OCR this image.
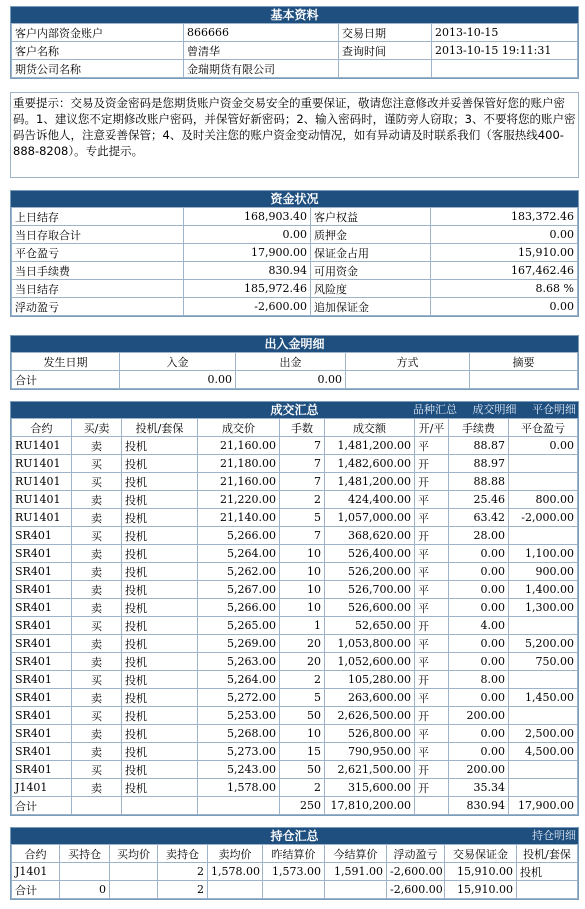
基本资料
客户内部资金账户	866666	交易日期	2013-10-15
客户名称	曾清华	查询时间	2013-10-15 19:11:31
期货公司名称	金瑞期货有限公司		
重要提示：交易及资金密码是您期货账户资金交易安全的重要保证，敬请您注意修改并妥善保管好您的账户密码。1、建议您不定期修改账户密码，并保管好新密码；2、输入密码时，谨防旁人窃取；3、不要将您的账户密码告诉他人，注意妥善保管；4、及时关注您的账户资金变动情况，如有异动请及时联系我们（客服热线400-888-8208）。专此提示。
资金状况
上日结存	168,903.40	客户权益	183,372.46
当日存取合计	0.00	质押金	0.00
平仓盈亏	17,900.00	保证金占用	15,910.00
当日手续费	830.94	可用资金	167,462.46
当日结存	185,972.46	风险度	8.68 %
浮动盈亏	-2,600.00	追加保证金	0.00
出入金明细
发生日期	入金	出金	方式	摘要
合计	0.00	0.00		
成交汇总	品种汇总 成交明细 平仓明细
合约	买/卖	投机/套保	成交价	手数	成交额	开/平	手续费	平仓盈亏
RU1401	卖	投机	21,160.00	7	1,481,200.00	平	88.87	0.00
RU1401	买	投机	21,180.00	7	1,482,600.00	开	88.97	
RU1401	买	投机	21,160.00	7	1,481,200.00	开	88.88	
RU1401	卖	投机	21,220.00	2	424,400.00	平	25.46	800.00
RU1401	卖	投机	21,140.00	5	1,057,000.00	平	63.42	-2,000.00
SR401	买	投机	5,266.00	7	368,620.00	开	28.00	
SR401	卖	投机	5,264.00	10	526,400.00	平	0.00	1,100.00
SR401	卖	投机	5,262.00	10	526,200.00	平	0.00	900.00
SR401	卖	投机	5,267.00	10	526,700.00	平	0.00	1,400.00
SR401	卖	投机	5,266.00	10	526,600.00	平	0.00	1,300.00
SR401	买	投机	5,265.00	1	52,650.00	开	4.00	
SR401	卖	投机	5,269.00	20	1,053,800.00	平	0.00	5,200.00
SR401	卖	投机	5,263.00	20	1,052,600.00	平	0.00	750.00
SR401	买	投机	5,264.00	2	105,280.00	开	8.00	
SR401	卖	投机	5,272.00	5	263,600.00	平	0.00	1,450.00
SR401	买	投机	5,253.00	50	2,626,500.00	开	200.00	
SR401	卖	投机	5,268.00	10	526,800.00	平	0.00	2,500.00
SR401	卖	投机	5,273.00	15	790,950.00	平	0.00	4,500.00
SR401	买	投机	5,243.00	50	2,621,500.00	开	200.00	
J1401	卖	投机	1,578.00	2	315,600.00	开	35.34	
合计				250	17,810,200.00		830.94	17,900.00
持仓汇总	持仓明细
合约	买持仓	买均价	卖持仓	卖均价	昨结算价	今结算价	浮动盈亏	交易保证金	投机/套保
J1401			2	1,578.00	1,573.00	1,591.00	-2,600.00	15,910.00	投机
合计	0		2				-2,600.00	15,910.00	
